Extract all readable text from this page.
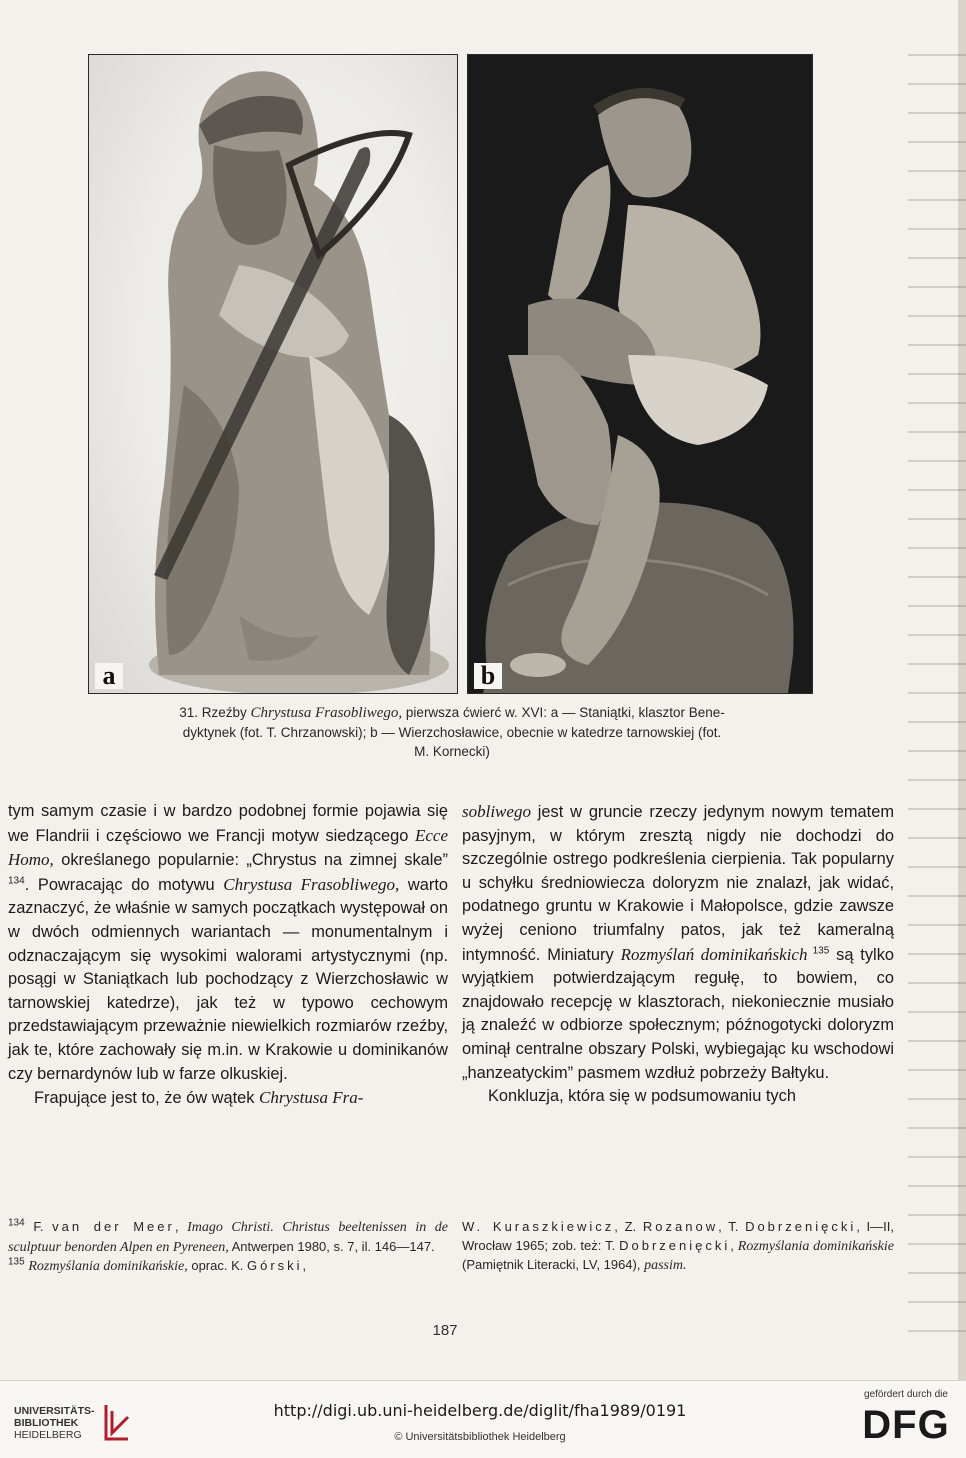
a	b
31. Rzeźby Chrystusa Frasobliwego, pierwsza ćwierć w. XVI: a — Staniątki, klasztor Bene-
dyktynek (fot. T. Chrzanowski); b — Wierzchosławice, obecnie w katedrze tarnowskiej (fot.
M. Kornecki)

tym samym czasie i w bardzo podobnej formie pojawia się we Flandrii i częściowo we Francji motyw siedzącego Ecce Homo, określanego popularnie: „Chrystus na zimnej skale” $^{134}$. Powracając do motywu Chrystusa Frasobliwego, warto zaznaczyć, że właśnie w samych początkach występował on w dwóch odmiennych wariantach — monumentalnym i odznaczającym się wysokimi walorami artystycznymi (np. posągi w Staniątkach lub pochodzący z Wierzchosławic w tarnowskiej katedrze), jak też w typowo cechowym przedstawiającym przeważnie niewielkich rozmiarów rzeźby, jak te, które zachowały się m.in. w Krakowie u dominikanów czy bernardynów lub w farze olkuskiej.

Frapujące jest to, że ów wątek Chrystusa Fra-

sobliwego jest w gruncie rzeczy jedynym nowym tematem pasyjnym, w którym zresztą nigdy nie dochodzi do szczególnie ostrego podkreślenia cierpienia. Tak popularny u schyłku średniowiecza doloryzm nie znalazł, jak widać, podatnego gruntu w Krakowie i Małopolsce, gdzie zawsze wyżej ceniono triumfalny patos, jak też kameralną intymność. Miniatury Rozmyślań dominikańskich $^{135}$ są tylko wyjątkiem potwierdzającym regułę, to bowiem, co znajdowało recepcję w klasztorach, niekoniecznie musiało ją znaleźć w odbiorze społecznym; późnogotycki doloryzm ominął centralne obszary Polski, wybiegając ku wschodowi „hanzeatyckim” pasmem wzdłuż pobrzeży Bałtyku.

Konkluzja, która się w podsumowaniu tych

$^{134}$ F. van der Meer, Imago Christi. Christus beeltenissen in de sculptuur benorden Alpen en Pyreneen, Antwerpen 1980, s. 7, il. 146—147.

$^{135}$ Rozmyślania dominikańskie, oprac. K. Górski,

W. Kuraszkiewicz, Z. Rozanow, T. Dobrzenięcki, I—II, Wrocław 1965; zob. też: T. Dobrzenięcki, Rozmyślania dominikańskie (Pamiętnik Literacki, LV, 1964), passim.

187
UNIVERSITÄTS-
BIBLIOTHEK
HEIDELBERG
http://digi.ub.uni-heidelberg.de/diglit/fha1989/0191
© Universitätsbibliothek Heidelberg
gefördert durch die
DFG
